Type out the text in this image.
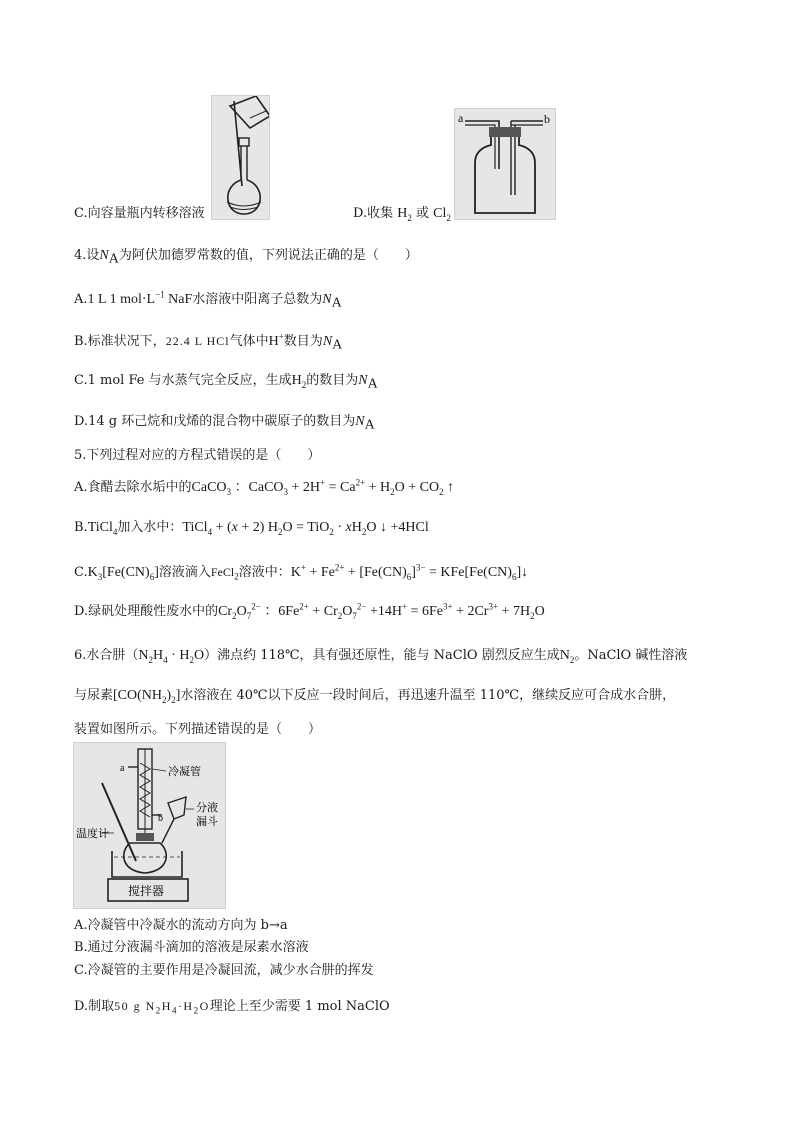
C.向容量瓶内转移溶液
a	b
D.收集 $H_2$ 或 $Cl_2$
4.设$N_A$为阿伏加德罗常数的值，下列说法正确的是（　　）
A.1 L 1 $mol\cdot L^{-1}$ NaF水溶液中阳离子总数为$N_A$
B.标准状况下，22.4 L HCl气体中H+数目为$N_A$
C.1 mol Fe 与水蒸气完全反应，生成$H_2$的数目为$N_A$
D.14 g 环己烷和戊烯的混合物中碳原子的数目为$N_A$
5.下列过程对应的方程式错误的是（　　）
A.食醋去除水垢中的CaCO$_3$ ：CaCO$_3$ + $2H^+ = Ca^{2+} + H_2O + CO_2$ ↑
B.TiCl$_4$加入水中：TiCl$_4$ + (x + 2) $H_2O = TiO_2 \cdot xH_2O$ ↓ +4HCl
$C.K_3[Fe(CN)_6]$溶液滴入FeCl$_2$溶液中：$K^+ + Fe^{2+} + [Fe(CN)_6]^{3-}$ = $KFe[Fe(CN)_6]↓$
D.绿矾处理酸性废水中的$Cr_2O_7^{2-}$ ：$6Fe^{2+} + Cr_2O_7^{2-} +14H^+ = 6Fe^{3+} + 2Cr^{3+} + 7H_2O$
6.水合肼$(N_2H_4 \cdot H_2O)$沸点约 118℃，具有强还原性，能与 NaClO 剧烈反应生成$N_2$。NaClO 碱性溶液
与尿素$[CO(NH_2)_2]$水溶液在 40℃以下反应一段时间后，再迅速升温至 110℃，继续反应可合成水合肼，
装置如图所示。下列描述错误的是（　　）
a	冷凝管
b
分液
漏斗
温度计
搅拌器
A.冷凝管中冷凝水的流动方向为 b→a
B.通过分液漏斗滴加的溶液是尿素水溶液
C.冷凝管的主要作用是冷凝回流，减少水合肼的挥发
D.制取50 g $N_2H_4\cdot H_2O$理论上至少需要 1 mol NaClO
